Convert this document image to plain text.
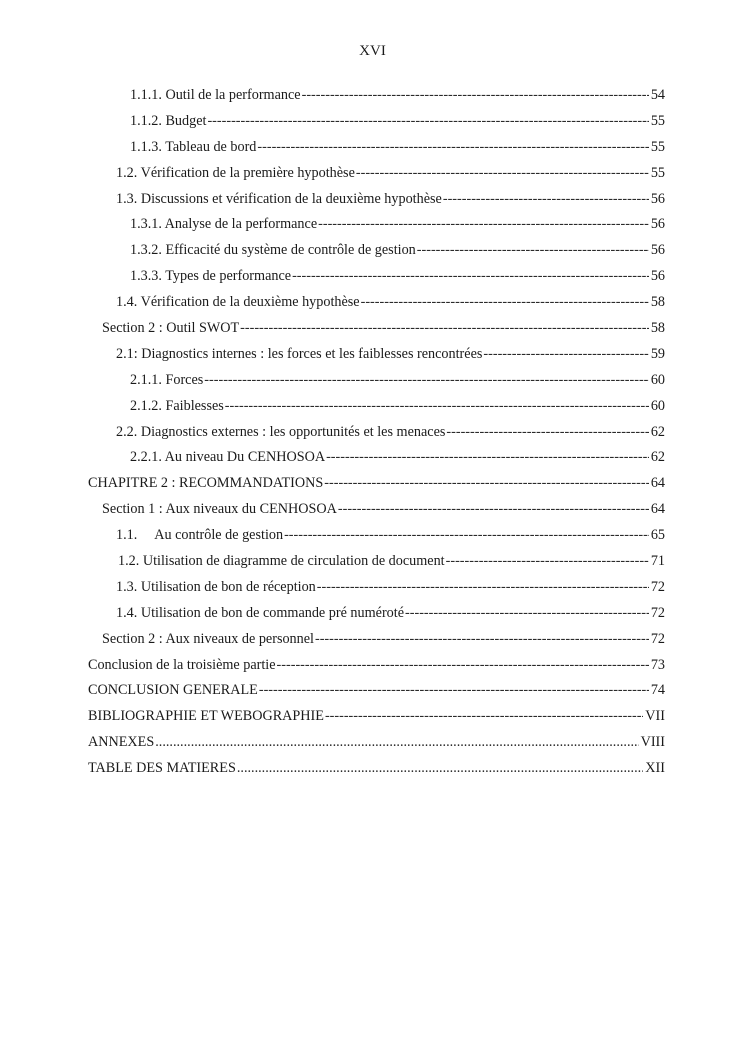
XVI
1.1.1. Outil de la performance -----	54
1.1.2. Budget -----	55
1.1.3. Tableau de bord -----	55
1.2. Vérification de la première hypothèse -----	55
1.3. Discussions et vérification de la deuxième hypothèse -----	56
1.3.1. Analyse de la performance -----	56
1.3.2. Efficacité du système de contrôle de gestion -----	56
1.3.3. Types de performance -----	56
1.4. Vérification de la deuxième hypothèse -----	58
Section 2 : Outil SWOT -----	58
2.1: Diagnostics internes : les forces et les faiblesses rencontrées -----	59
2.1.1. Forces -----	60
2.1.2. Faiblesses -----	60
2.2. Diagnostics externes : les opportunités et les menaces -----	62
2.2.1. Au niveau Du CENHOSOA -----	62
CHAPITRE 2 : RECOMMANDATIONS -----	64
Section 1 : Aux niveaux du CENHOSOA -----	64
1.1.     Au contrôle de gestion -----	65
1.2. Utilisation de diagramme de circulation de document -----	71
1.3. Utilisation de bon de réception -----	72
1.4. Utilisation de bon de commande pré numéroté -----	72
Section 2 : Aux niveaux de personnel -----	72
Conclusion de la troisième partie -----	73
CONCLUSION GENERALE -----	74
BIBLIOGRAPHIE ET WEBOGRAPHIE -----	VII
ANNEXES .....	VIII
TABLE DES MATIERES .....	XII
